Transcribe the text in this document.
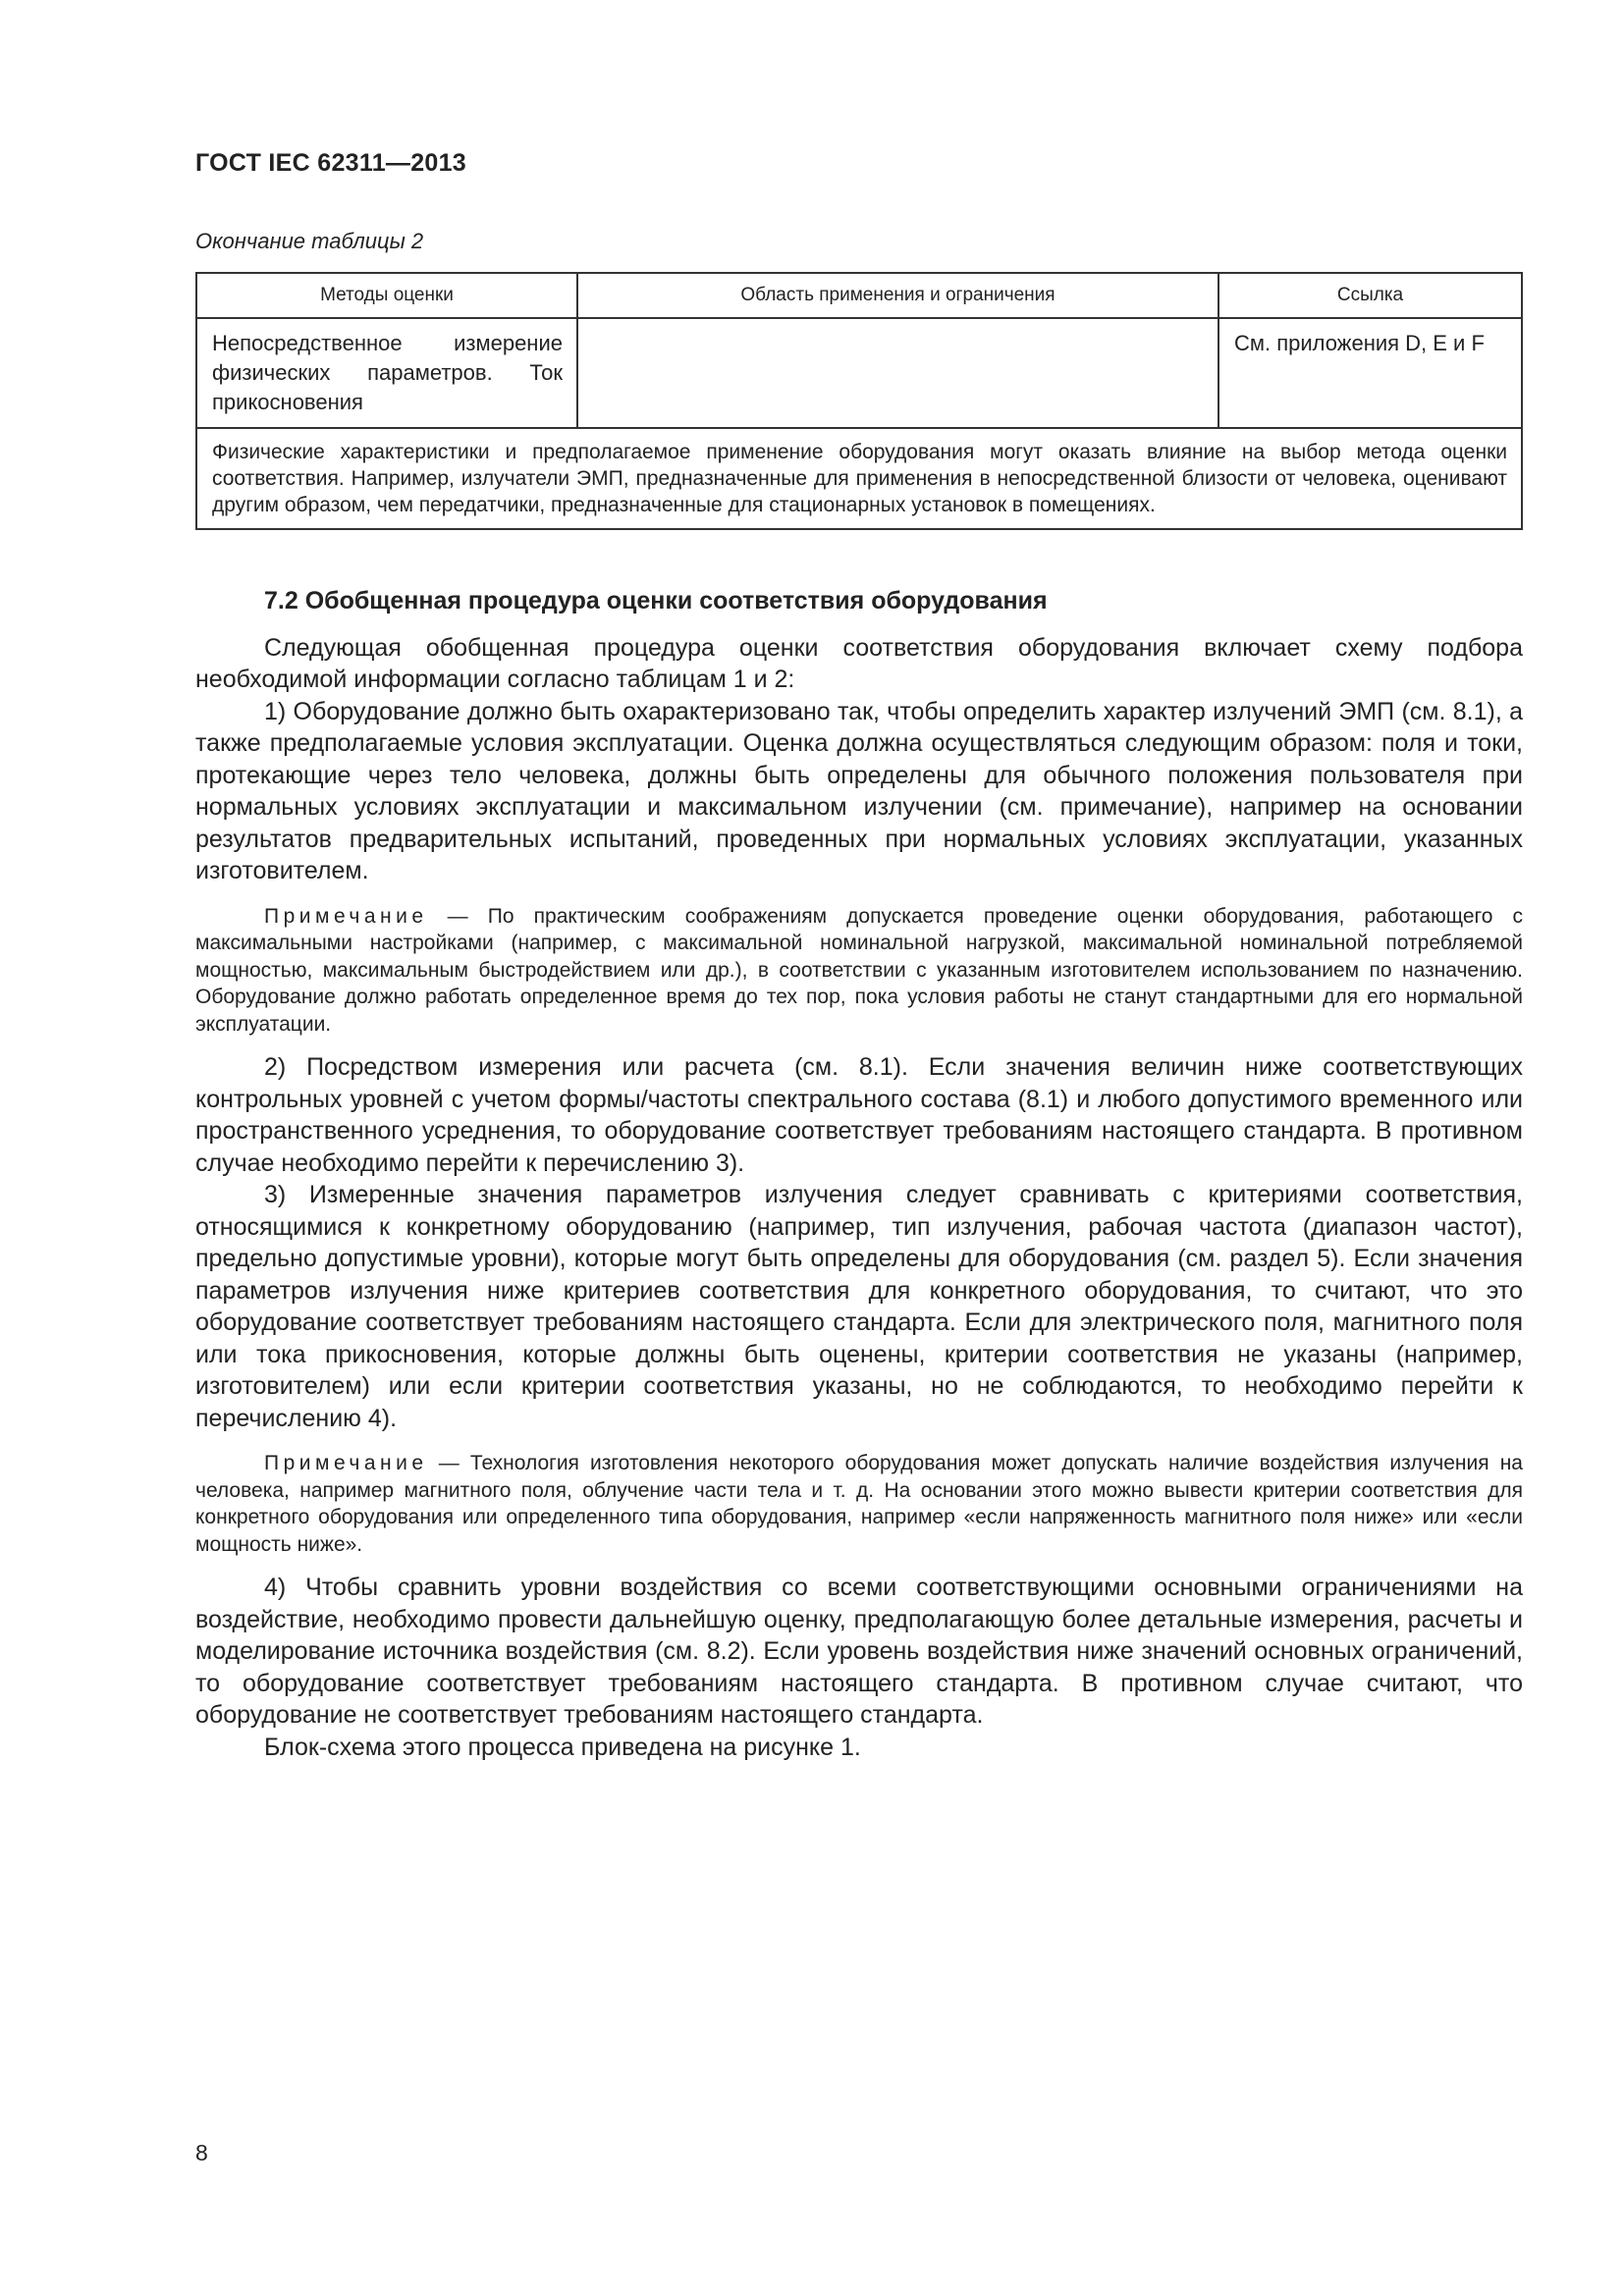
ГОСТ IEC 62311—2013
Окончание таблицы 2
Методы оценки	Область применения и ограничения	Ссылка
Непосредственное измерение физических параметров. Ток прикосновения		См. приложения D, E и F
Физические характеристики и предполагаемое применение оборудования могут оказать влияние на выбор метода оценки соответствия. Например, излучатели ЭМП, предназначенные для применения в непосредственной близости от человека, оценивают другим образом, чем передатчики, предназначенные для стационарных установок в помещениях.		
7.2 Обобщенная процедура оценки соответствия оборудования

Следующая обобщенная процедура оценки соответствия оборудования включает схему подбора необходимой информации согласно таблицам 1 и 2:

1) Оборудование должно быть охарактеризовано так, чтобы определить характер излучений ЭМП (см. 8.1), а также предполагаемые условия эксплуатации. Оценка должна осуществляться следующим образом: поля и токи, протекающие через тело человека, должны быть определены для обычного положения пользователя при нормальных условиях эксплуатации и максимальном излучении (см. примечание), например на основании результатов предварительных испытаний, проведенных при нормальных условиях эксплуатации, указанных изготовителем.

Примечание — По практическим соображениям допускается проведение оценки оборудования, работающего с максимальными настройками (например, с максимальной номинальной нагрузкой, максимальной номинальной потребляемой мощностью, максимальным быстродействием или др.), в соответствии с указанным изготовителем использованием по назначению. Оборудование должно работать определенное время до тех пор, пока условия работы не станут стандартными для его нормальной эксплуатации.

2) Посредством измерения или расчета (см. 8.1). Если значения величин ниже соответствующих контрольных уровней с учетом формы/частоты спектрального состава (8.1) и любого допустимого временного или пространственного усреднения, то оборудование соответствует требованиям настоящего стандарта. В противном случае необходимо перейти к перечислению 3).

3) Измеренные значения параметров излучения следует сравнивать с критериями соответствия, относящимися к конкретному оборудованию (например, тип излучения, рабочая частота (диапазон частот), предельно допустимые уровни), которые могут быть определены для оборудования (см. раздел 5). Если значения параметров излучения ниже критериев соответствия для конкретного оборудования, то считают, что это оборудование соответствует требованиям настоящего стандарта. Если для электрического поля, магнитного поля или тока прикосновения, которые должны быть оценены, критерии соответствия не указаны (например, изготовителем) или если критерии соответствия указаны, но не соблюдаются, то необходимо перейти к перечислению 4).

Примечание — Технология изготовления некоторого оборудования может допускать наличие воздействия излучения на человека, например магнитного поля, облучение части тела и т. д. На основании этого можно вывести критерии соответствия для конкретного оборудования или определенного типа оборудования, например «если напряженность магнитного поля ниже» или «если мощность ниже».

4) Чтобы сравнить уровни воздействия со всеми соответствующими основными ограничениями на воздействие, необходимо провести дальнейшую оценку, предполагающую более детальные измерения, расчеты и моделирование источника воздействия (см. 8.2). Если уровень воздействия ниже значений основных ограничений, то оборудование соответствует требованиям настоящего стандарта. В противном случае считают, что оборудование не соответствует требованиям настоящего стандарта.

Блок-схема этого процесса приведена на рисунке 1.

8
